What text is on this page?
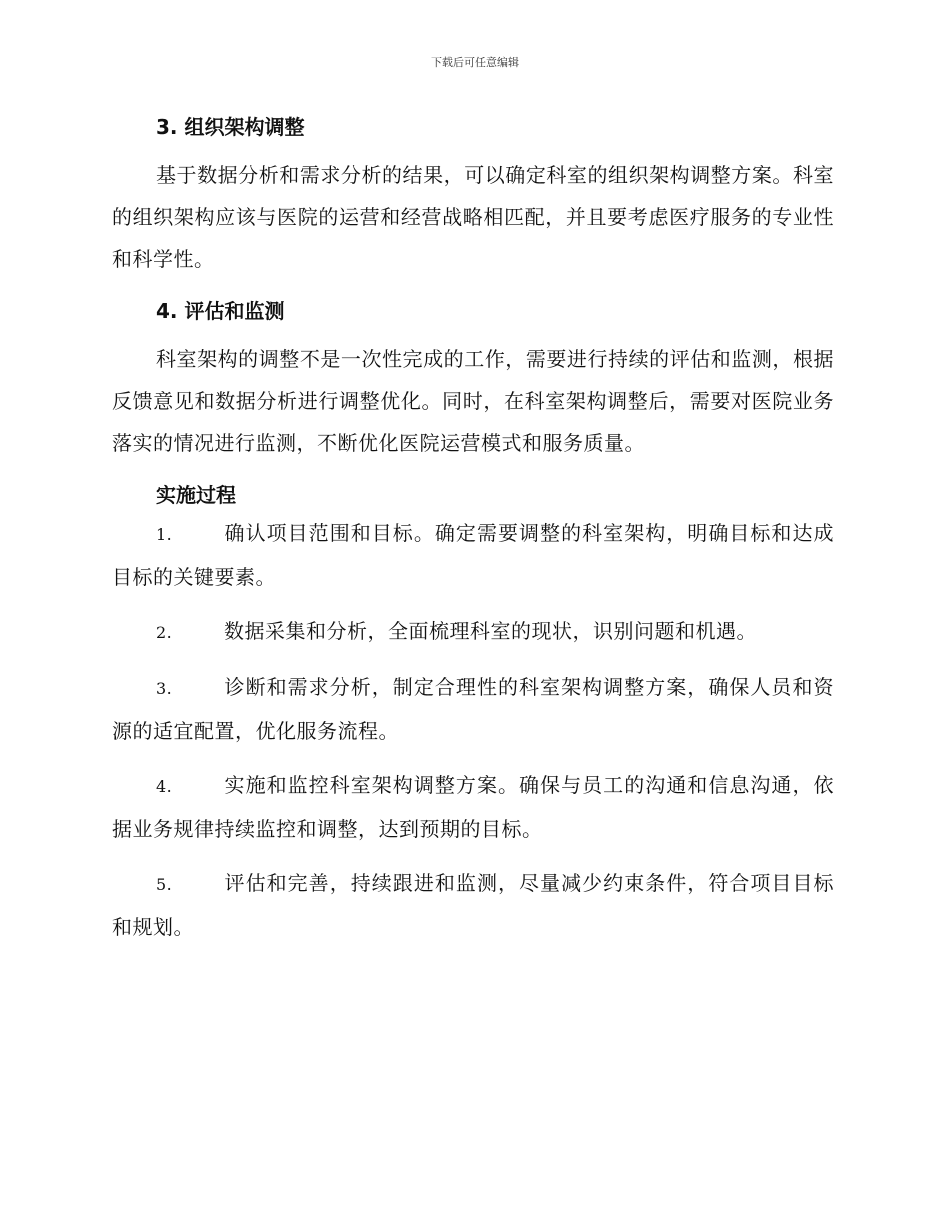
下载后可任意编辑
3. 组织架构调整

基于数据分析和需求分析的结果，可以确定科室的组织架构调整方案。科室的组织架构应该与医院的运营和经营战略相匹配，并且要考虑医疗服务的专业性和科学性。

4. 评估和监测

科室架构的调整不是一次性完成的工作，需要进行持续的评估和监测，根据反馈意见和数据分析进行调整优化。同时，在科室架构调整后，需要对医院业务落实的情况进行监测，不断优化医院运营模式和服务质量。

实施过程

1.	确认项目范围和目标。确定需要调整的科室架构，明确目标和达成目标的关键要素。

2.	数据采集和分析，全面梳理科室的现状，识别问题和机遇。

3.	诊断和需求分析，制定合理性的科室架构调整方案，确保人员和资源的适宜配置，优化服务流程。

4.	实施和监控科室架构调整方案。确保与员工的沟通和信息沟通，依据业务规律持续监控和调整，达到预期的目标。

5.	评估和完善，持续跟进和监测，尽量减少约束条件，符合项目目标和规划。
